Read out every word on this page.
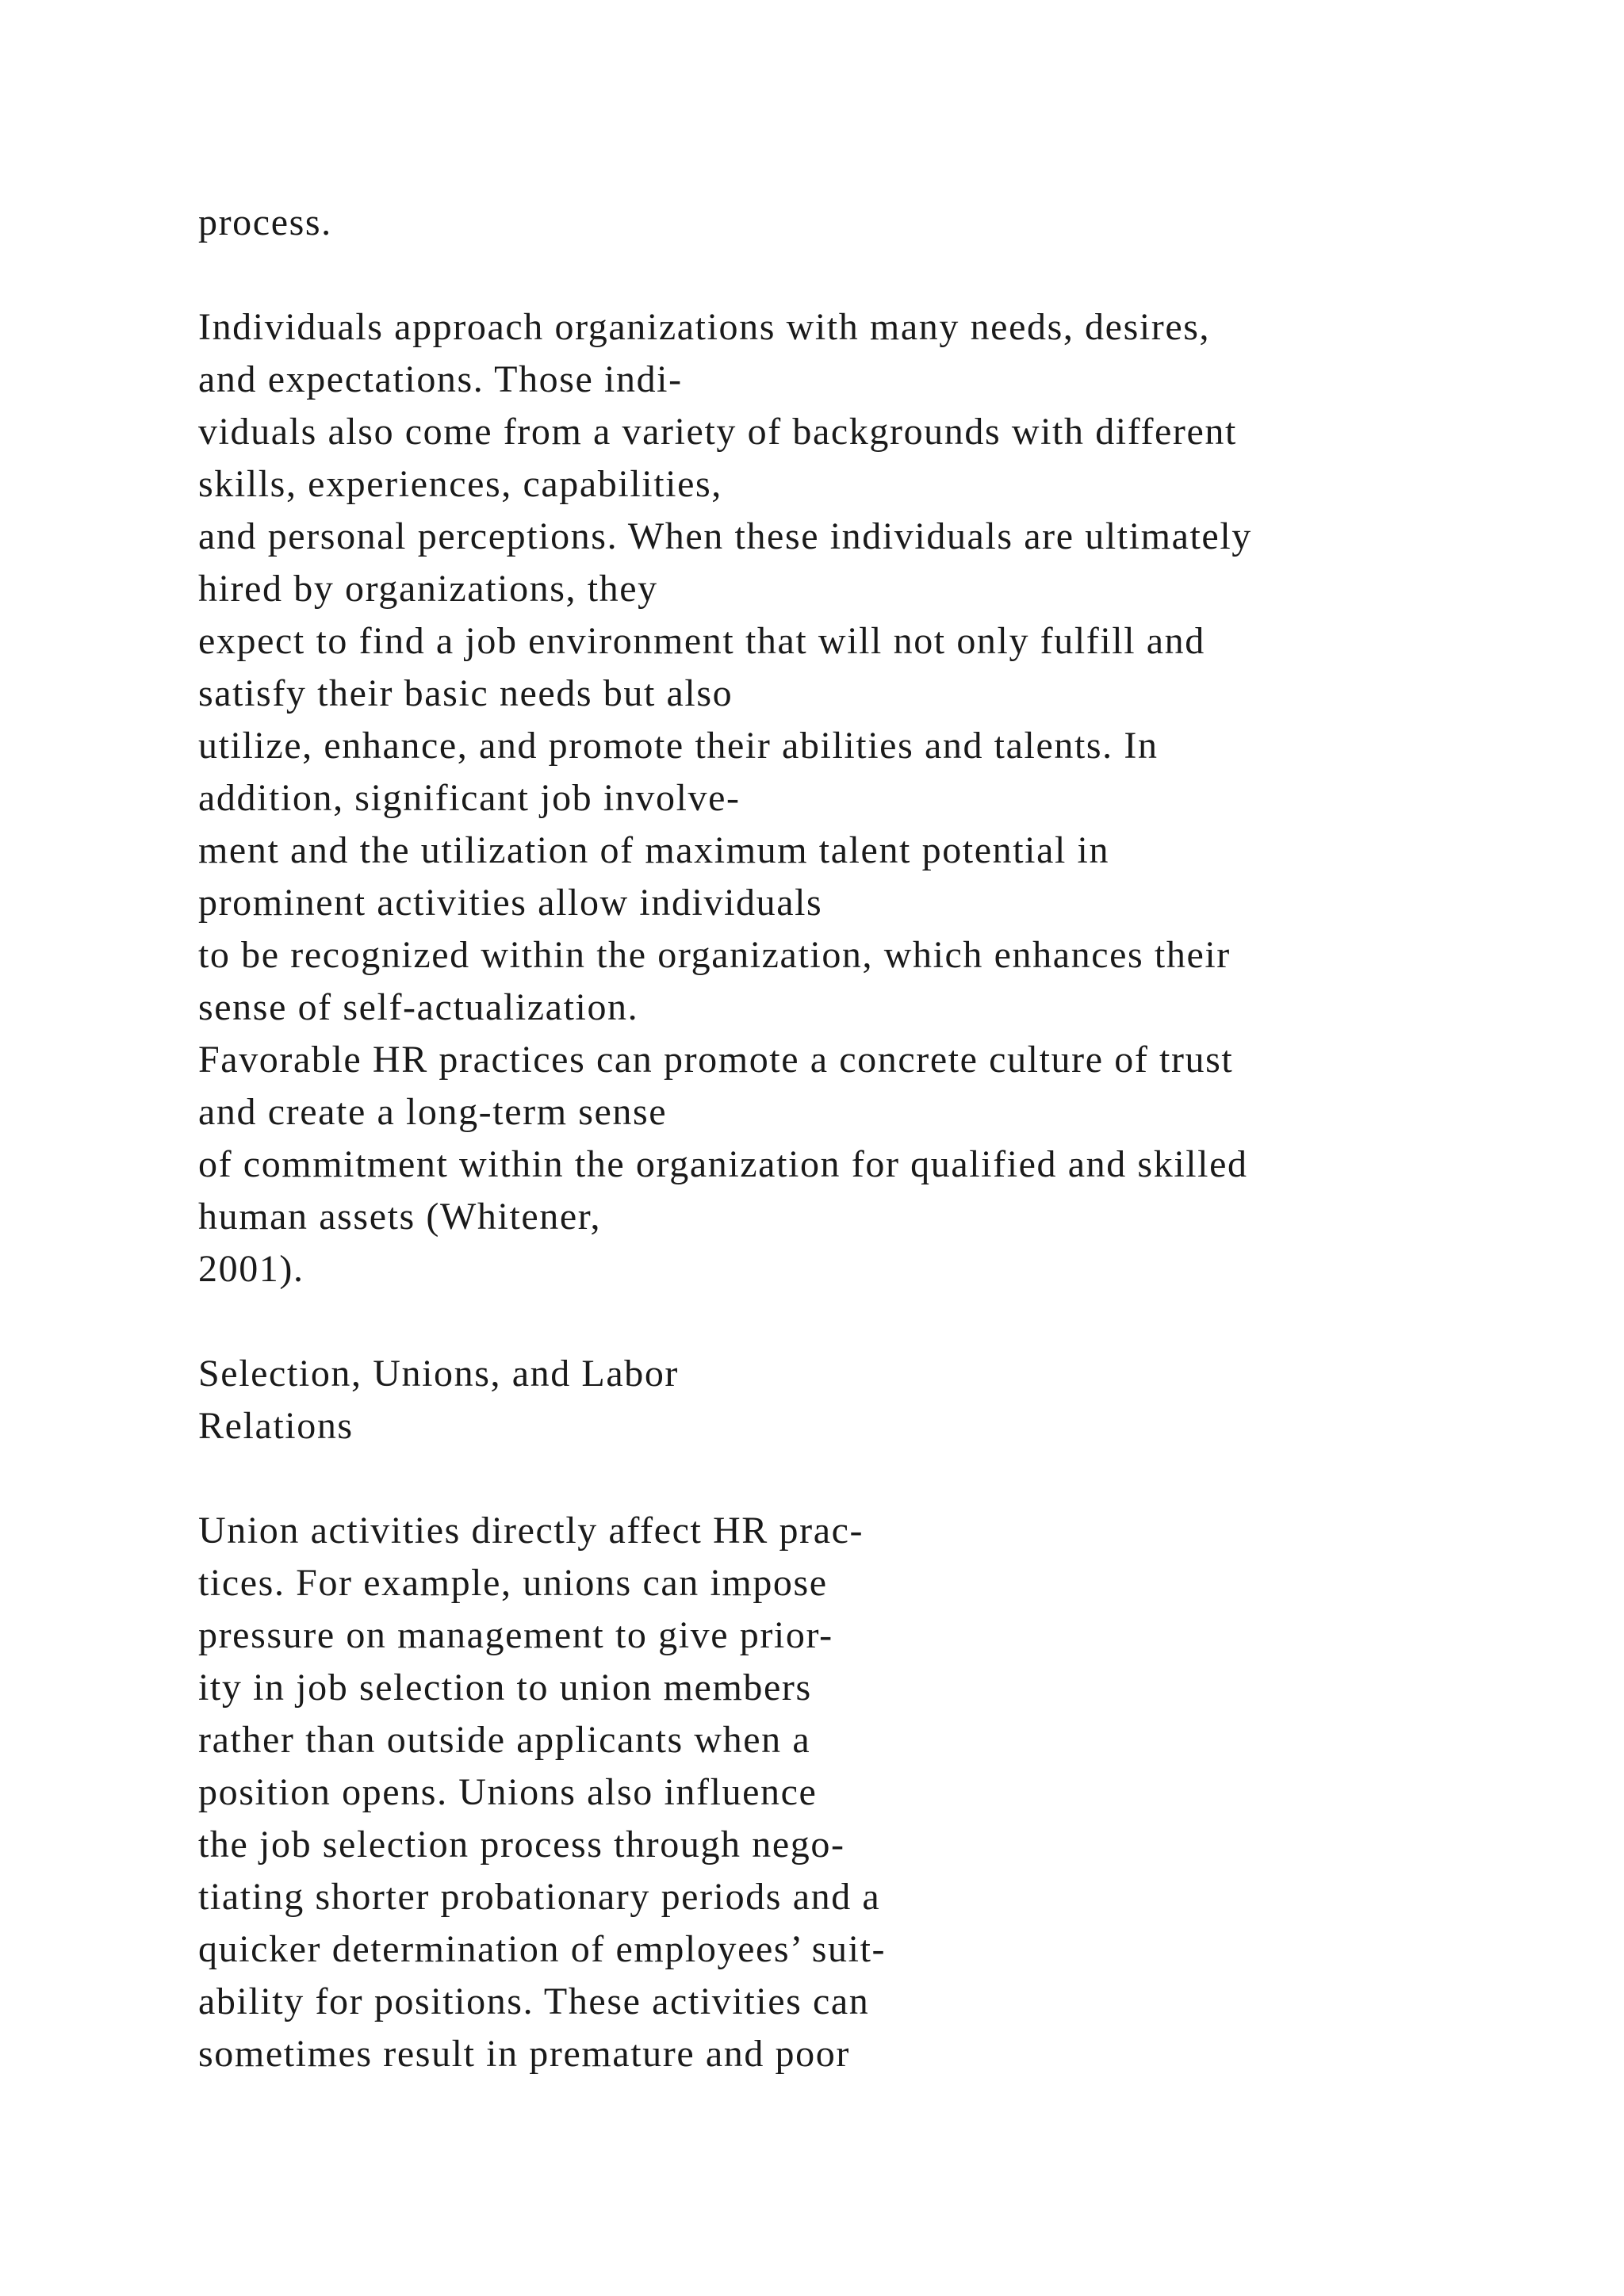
process.
Individuals approach organizations with many needs, desires,
and expectations. Those indi-
viduals also come from a variety of backgrounds with different
skills, experiences, capabilities,
and personal perceptions. When these individuals are ultimately
hired by organizations, they
expect to find a job environment that will not only fulfill and
satisfy their basic needs but also
utilize, enhance, and promote their abilities and talents. In
addition, significant job involve-
ment and the utilization of maximum talent potential in
prominent activities allow individuals
to be recognized within the organization, which enhances their
sense of self-actualization.
Favorable HR practices can promote a concrete culture of trust
and create a long-term sense
of commitment within the organization for qualified and skilled
human assets (Whitener,
2001).
Selection, Unions, and Labor
Relations
Union activities directly affect HR prac-
tices. For example, unions can impose
pressure on management to give prior-
ity in job selection to union members
rather than outside applicants when a
position opens. Unions also influence
the job selection process through nego-
tiating shorter probationary periods and a
quicker determination of employees’ suit-
ability for positions. These activities can
sometimes result in premature and poor
